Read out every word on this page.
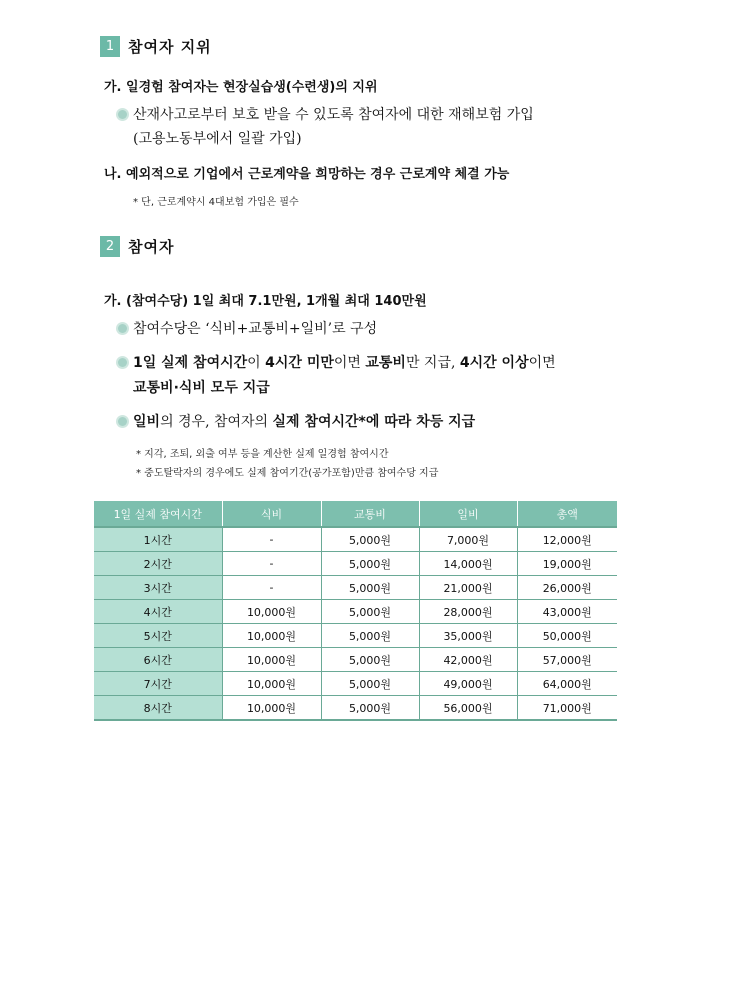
1 참여자 지위
가. 일경험 참여자는 현장실습생(수련생)의 지위
산재사고로부터 보호 받을 수 있도록 참여자에 대한 재해보험 가입
(고용노동부에서 일괄 가입)
나. 예외적으로 기업에서 근로계약을 희망하는 경우 근로계약 체결 가능
* 단, 근로계약시 4대보험 가입은 필수
2 참여자
가. (참여수당) 1일 최대 7.1만원, 1개월 최대 140만원
참여수당은 ‘식비+교통비+일비’로 구성
1일 실제 참여시간이 4시간 미만이면 교통비만 지급, 4시간 이상이면
교통비·식비 모두 지급
일비의 경우, 참여자의 실제 참여시간*에 따라 차등 지급
* 지각, 조퇴, 외출 여부 등을 계산한 실제 일경험 참여시간
* 중도탈락자의 경우에도 실제 참여기간(공가포함)만큼 참여수당 지급
1일 실제 참여시간	식비	교통비	일비	총액
1시간	-	5,000원	7,000원	12,000원
2시간	-	5,000원	14,000원	19,000원
3시간	-	5,000원	21,000원	26,000원
4시간	10,000원	5,000원	28,000원	43,000원
5시간	10,000원	5,000원	35,000원	50,000원
6시간	10,000원	5,000원	42,000원	57,000원
7시간	10,000원	5,000원	49,000원	64,000원
8시간	10,000원	5,000원	56,000원	71,000원
